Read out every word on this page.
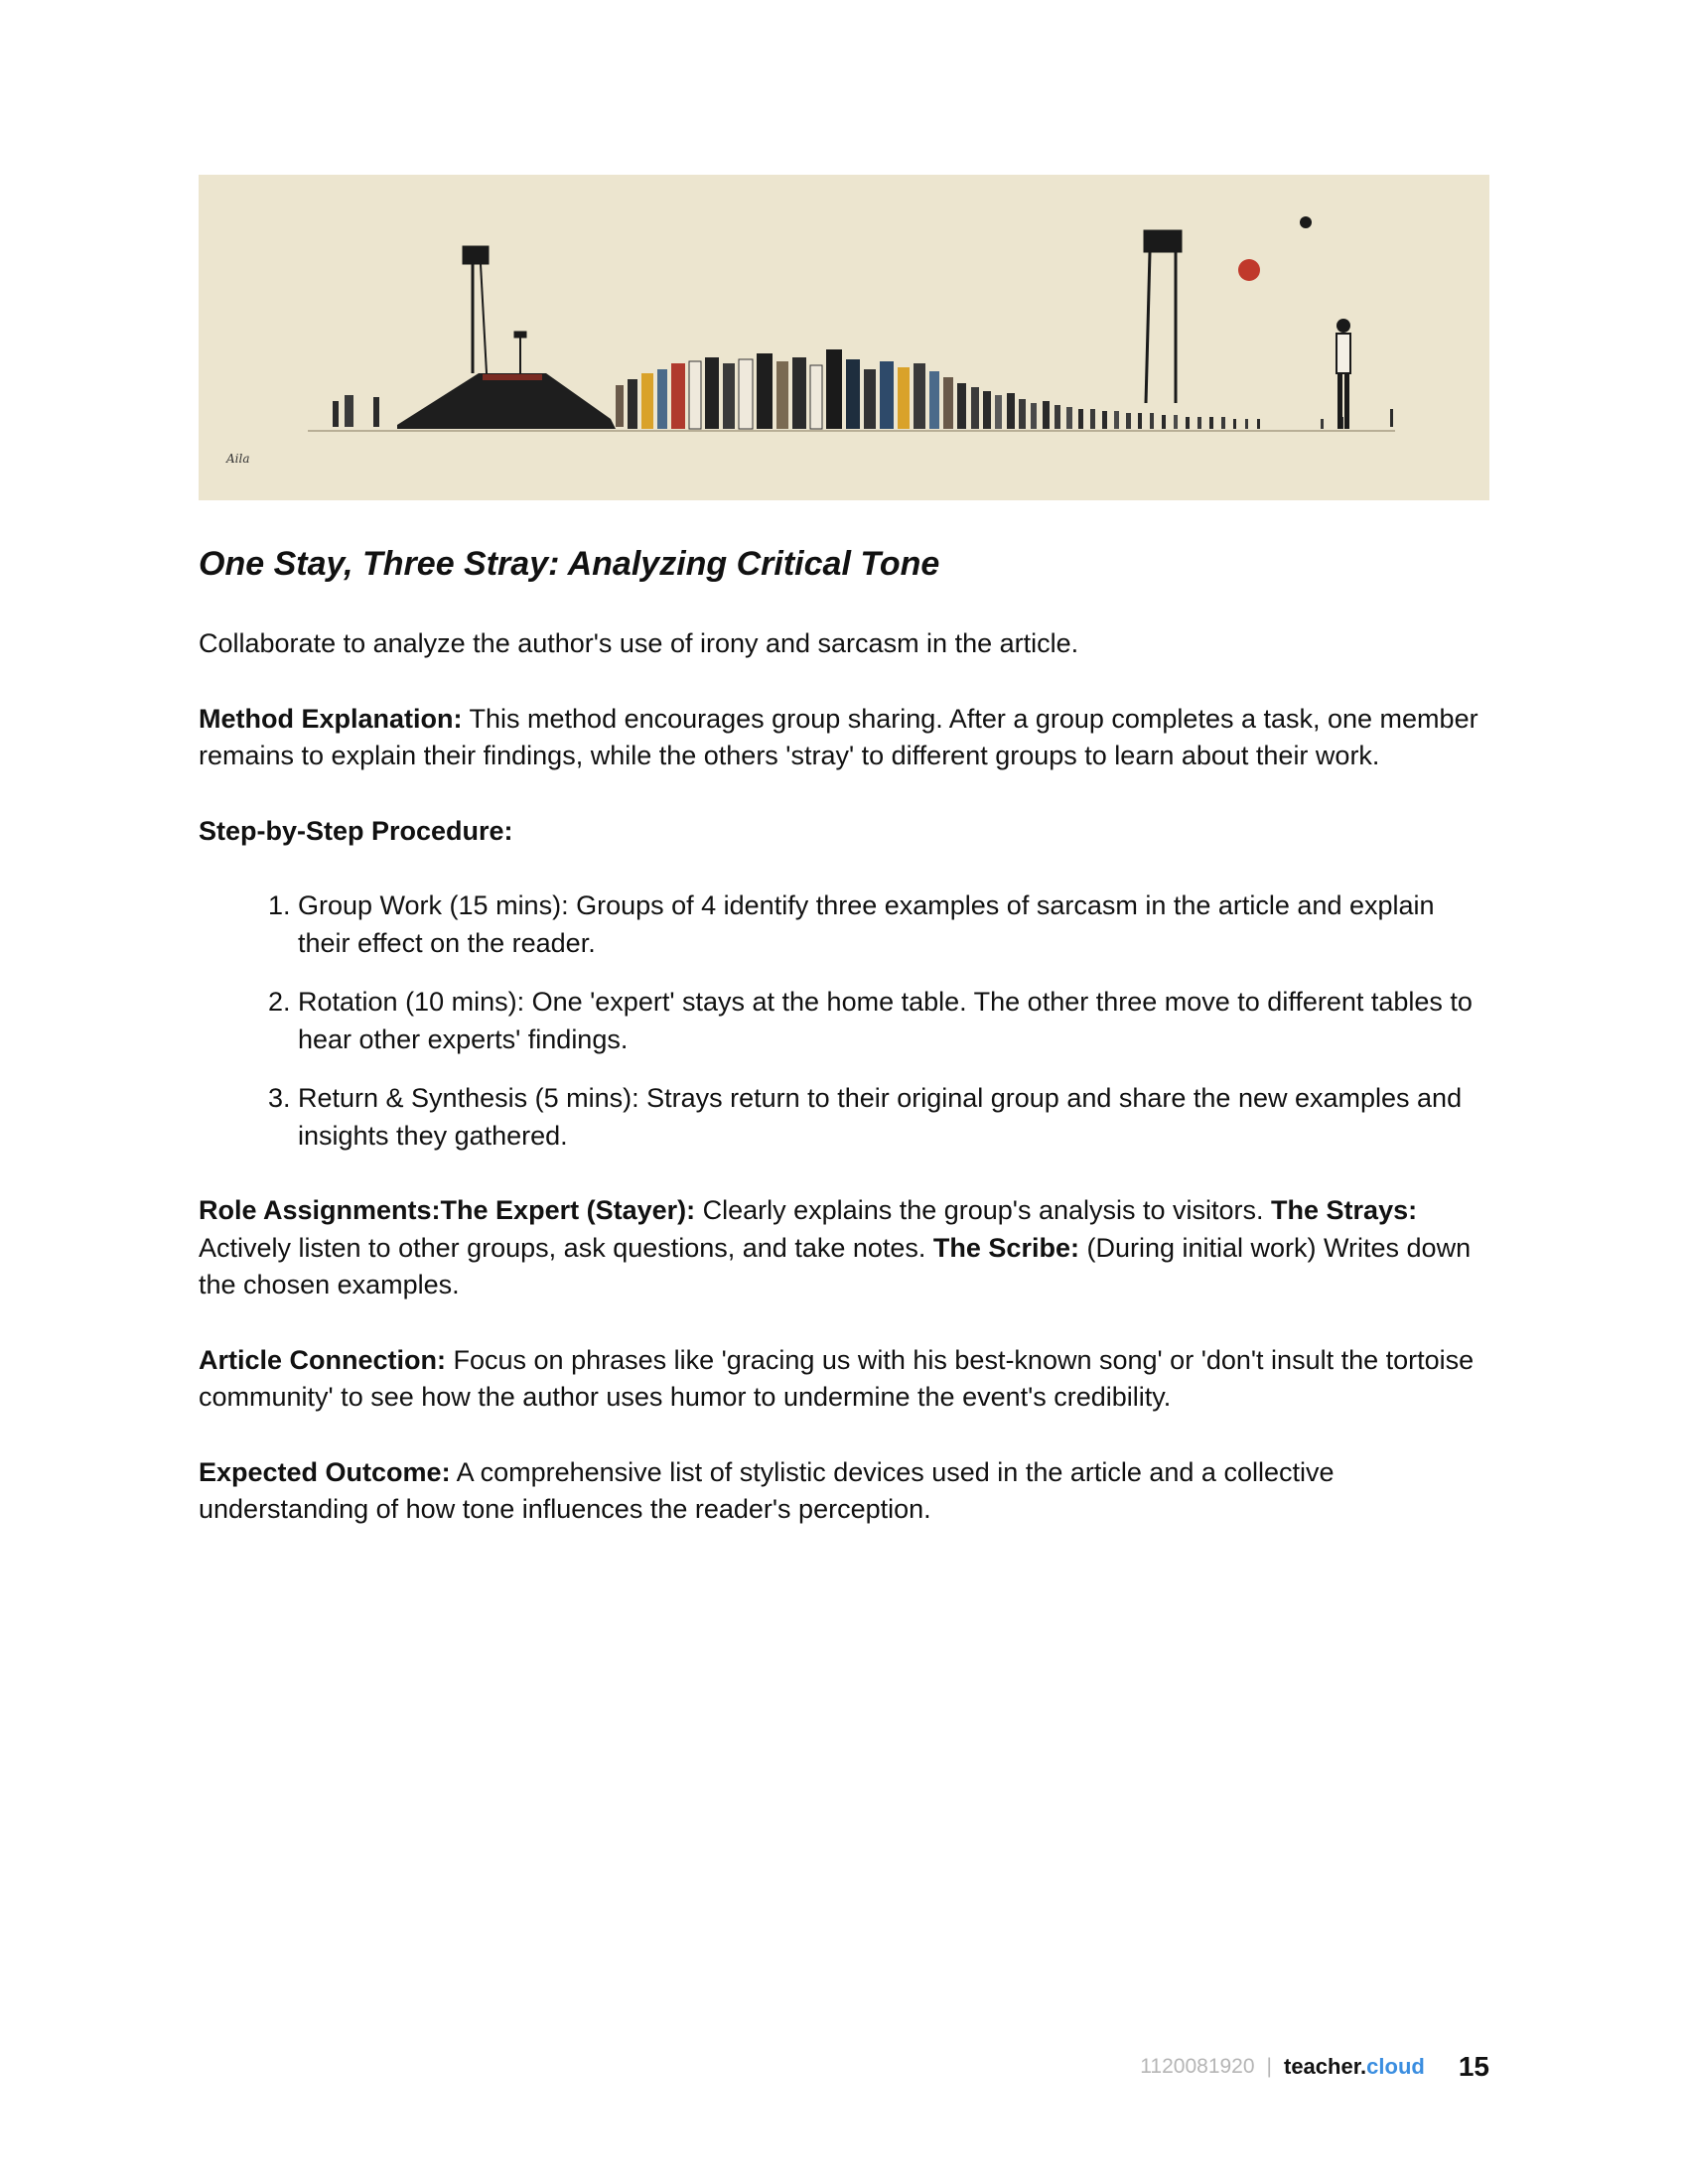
Aila
One Stay, Three Stray: Analyzing Critical Tone

Collaborate to analyze the author's use of irony and sarcasm in the article.

Method Explanation: This method encourages group sharing. After a group completes a task, one member remains to explain their findings, while the others 'stray' to different groups to learn about their work.

Step-by-Step Procedure:

1. Group Work (15 mins): Groups of 4 identify three examples of sarcasm in the article and explain their effect on the reader.
2. Rotation (10 mins): One 'expert' stays at the home table. The other three move to different tables to hear other experts' findings.
3. Return & Synthesis (5 mins): Strays return to their original group and share the new examples and insights they gathered.

Role Assignments:The Expert (Stayer): Clearly explains the group's analysis to visitors. The Strays: Actively listen to other groups, ask questions, and take notes. The Scribe: (During initial work) Writes down the chosen examples.

Article Connection: Focus on phrases like 'gracing us with his best-known song' or 'don't insult the tortoise community' to see how the author uses humor to undermine the event's credibility.

Expected Outcome: A comprehensive list of stylistic devices used in the article and a collective understanding of how tone influences the reader's perception.

1120081920 | teacher.cloud 15
